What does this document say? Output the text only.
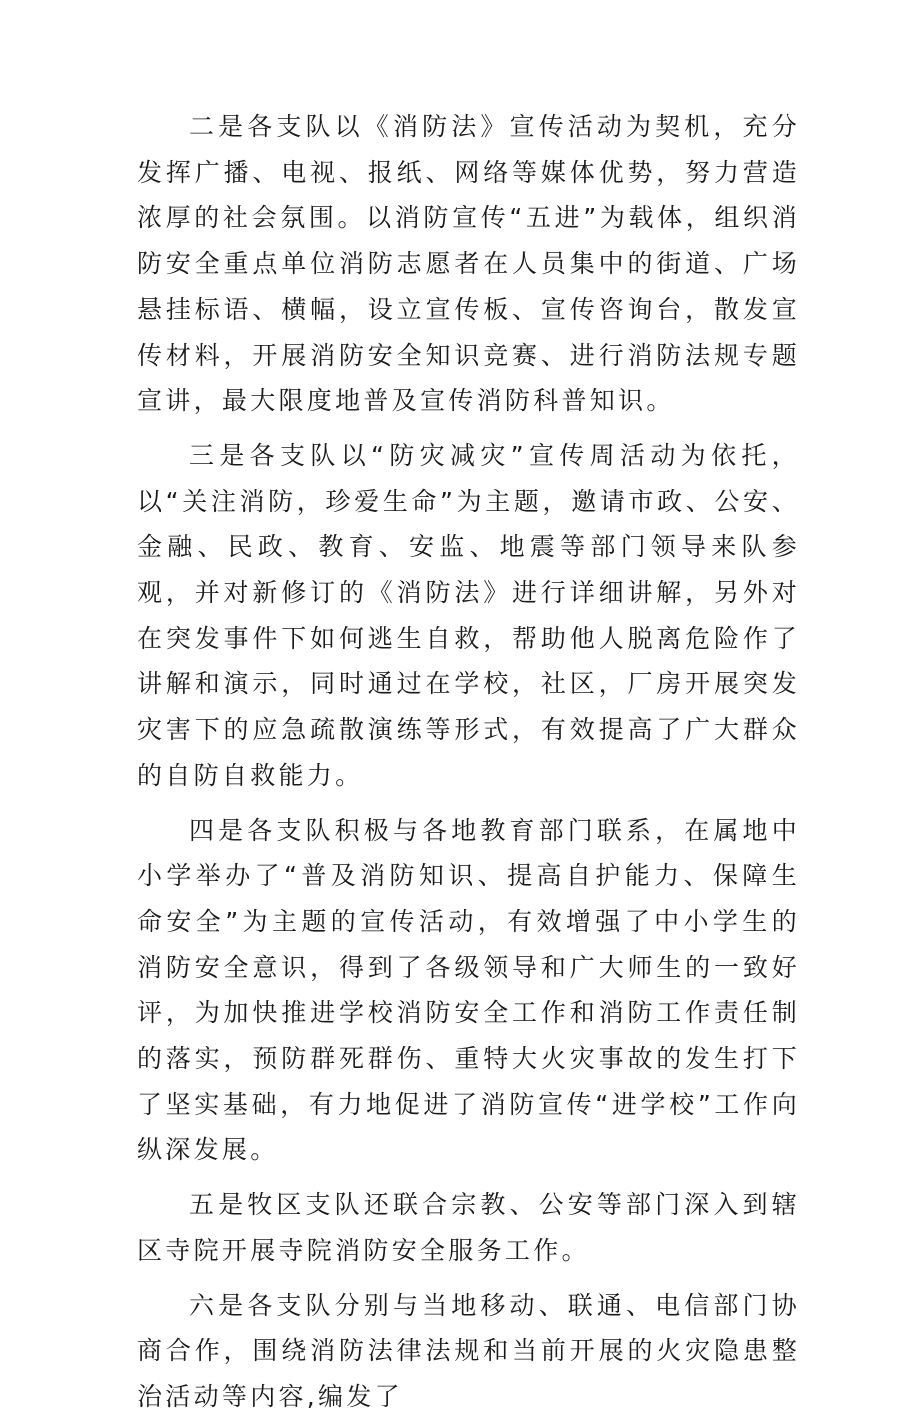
二是各支队以《消防法》宣传活动为契机，充分发挥广播、电视、报纸、网络等媒体优势，努力营造浓厚的社会氛围。以消防宣传“五进”为载体，组织消防安全重点单位消防志愿者在人员集中的街道、广场悬挂标语、横幅，设立宣传板、宣传咨询台，散发宣传材料，开展消防安全知识竞赛、进行消防法规专题宣讲，最大限度地普及宣传消防科普知识。

三是各支队以“防灾减灾”宣传周活动为依托，以“关注消防，珍爱生命”为主题，邀请市政、公安、金融、民政、教育、安监、地震等部门领导来队参观，并对新修订的《消防法》进行详细讲解，另外对在突发事件下如何逃生自救，帮助他人脱离危险作了讲解和演示，同时通过在学校，社区，厂房开展突发灾害下的应急疏散演练等形式，有效提高了广大群众的自防自救能力。

四是各支队积极与各地教育部门联系，在属地中小学举办了“普及消防知识、提高自护能力、保障生命安全”为主题的宣传活动，有效增强了中小学生的消防安全意识，得到了各级领导和广大师生的一致好评，为加快推进学校消防安全工作和消防工作责任制的落实，预防群死群伤、重特大火灾事故的发生打下了坚实基础，有力地促进了消防宣传“进学校”工作向纵深发展。

五是牧区支队还联合宗教、公安等部门深入到辖区寺院开展寺院消防安全服务工作。

六是各支队分别与当地移动、联通、电信部门协商合作，围绕消防法律法规和当前开展的火灾隐患整治活动等内容,编发了
